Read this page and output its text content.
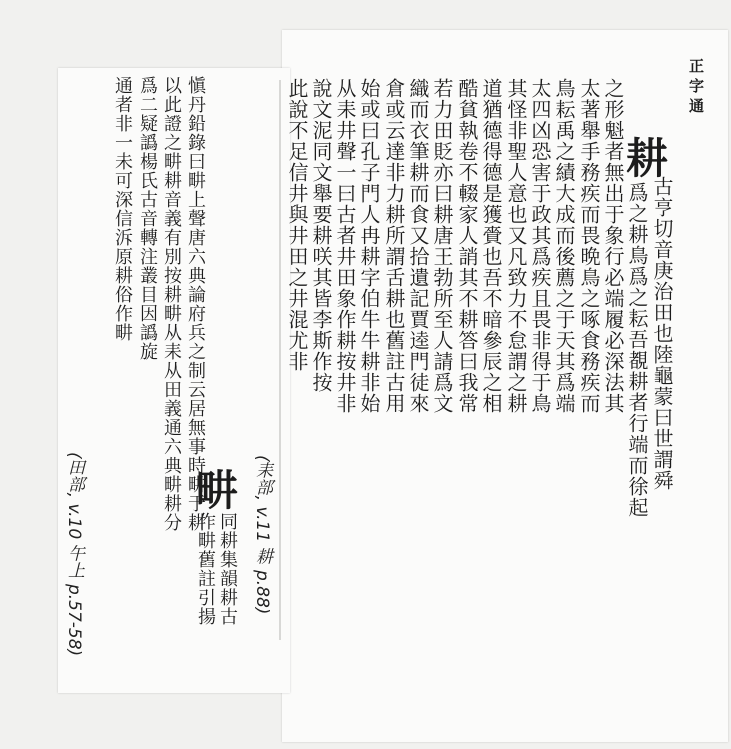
正字通
耕
古亨切音庚治田也陸龜蒙曰世謂舜
爲之耕鳥爲之耘吾覩耕者行端而徐起
之形魁者無出于象行必端履必深法其
太著舉手務疾而畏晩鳥之啄食務疾而
鳥耘禹之績大成而後薦之于天其爲端
太四凶恐害于政其爲疾且畏非得于鳥
其怪非聖人意也又凡致力不怠謂之耕
道猶德得德是獲賫也吾不暗參辰之相
酷貧執卷不輟家人誚其不耕答曰我常
若力田貶亦曰耕唐王勃所至人請爲文
織而衣筆耕而食又拾遺記賈逵門徒來
倉或云達非力耕所謂舌耕也舊註古用
始或曰孔子門人冉耕字伯牛牛耕非始
从耒井聲一曰古者井田象作耕按井非
說文泥同文舉要耕咲其皆李斯作按
此說不足信井與井田之井混尤非
(耒部, v.11 耕 p.88)
愼丹鉛錄曰畊上聲唐六典論府兵之制云居無事時畊于耕
以此證之畊耕音義有別按耕畊从耒从田義通六典畊耕分
爲二疑譌楊氏古音轉注叢目因譌旋
通者非一未可深信泝原耕俗作畊
畊
同耕集韻耕古
作畊舊註引揚
(田部, v.10 午上 p.57-58)
